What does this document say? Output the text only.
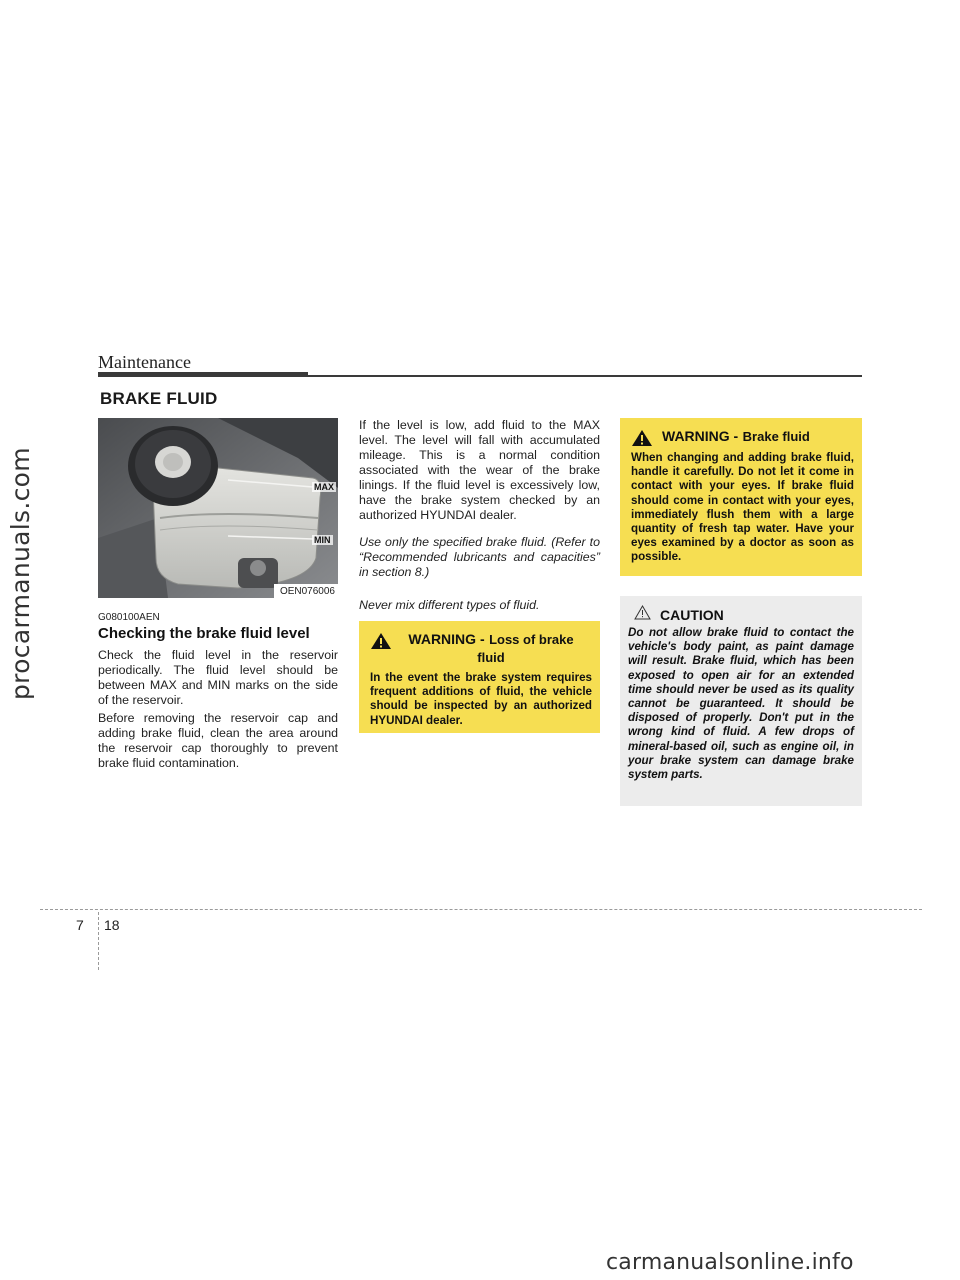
procarmanuals.com
Maintenance
BRAKE FLUID
MAX
MIN
OEN076006
G080100AEN
Checking the brake fluid level

Check the fluid level in the reservoir periodically. The fluid level should be between MAX and MIN marks on the side of the reservoir.

Before removing the reservoir cap and adding brake fluid, clean the area around the reservoir cap thoroughly to prevent brake fluid contamination.

If the level is low, add fluid to the MAX level. The level will fall with accumulated mileage. This is a normal condition associated with the wear of the brake linings. If the fluid level is excessively low, have the brake system checked by an authorized HYUNDAI dealer.

Use only the specified brake fluid. (Refer to “Recommended lubricants and capacities” in section 8.)

Never mix different types of fluid.

WARNING - Loss of brake fluid

In the event the brake system requires frequent additions of fluid, the vehicle should be inspected by an authorized HYUNDAI dealer.

WARNING - Brake fluid

When changing and adding brake fluid, handle it carefully. Do not let it come in contact with your eyes. If brake fluid should come in contact with your eyes, immediately flush them with a large quantity of fresh tap water. Have your eyes examined by a doctor as soon as possible.

CAUTION

Do not allow brake fluid to contact the vehicle's body paint, as paint damage will result. Brake fluid, which has been exposed to open air for an extended time should never be used as its quality cannot be guaranteed. It should be disposed of properly. Don't put in the wrong kind of fluid. A few drops of mineral-based oil, such as engine oil, in your brake system can damage brake system parts.

7 18
carmanualsonline.info
